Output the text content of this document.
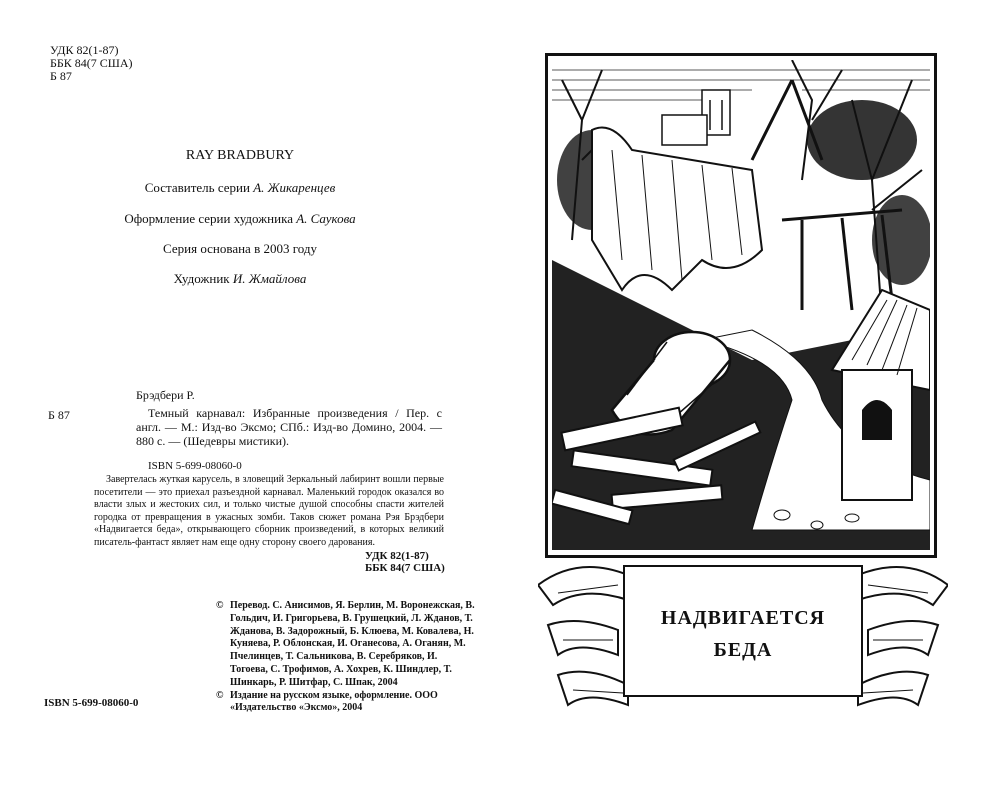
УДК 82(1-87)
ББК 84(7 США)
Б 87
RAY BRADBURY
Составитель серии А. Жикаренцев
Оформление серии художника А. Саукова
Серия основана в 2003 году
Художник И. Жмайлова
Брэдбери Р.
Б 87	Темный карнавал: Избранные произведения / Пер. с англ. — М.: Изд-во Эксмо; СПб.: Изд-во Домино, 2004. — 880 с. — (Шедевры мистики).
ISBN 5-699-08060-0
Завертелась жуткая карусель, в зловещий Зеркальный лабиринт вошли первые посетители — это приехал разъездной карнавал. Маленький городок оказался во власти злых и жестоких сил, и только чистые душой способны спасти жителей городка от превращения в ужасных зомби. Таков сюжет романа Рэя Брэдбери «Надвигается беда», открывающего сборник произведений, в которых великий писатель-фантаст являет нам еще одну сторону своего дарования.
УДК 82(1-87)
ББК 84(7 США)
© Перевод. С. Анисимов, Я. Берлин, М. Воронежская, В. Гольдич, И. Григорьева, В. Грушецкий, Л. Жданов, Т. Жданова, В. Задорожный, Б. Клюева, М. Ковалева, Н. Куняева, Р. Облонская, И. Оганесова, А. Оганян, М. Пчелинцев, Т. Сальникова, В. Серебряков, И. Тогоева, С. Трофимов, А. Хохрев, К. Шиндлер, Т. Шинкарь, Р. Шитфар, С. Шпак, 2004
© Издание на русском языке, оформление. ООО «Издательство «Эксмо», 2004
ISBN 5-699-08060-0
НАДВИГАЕТСЯ
БЕДА
